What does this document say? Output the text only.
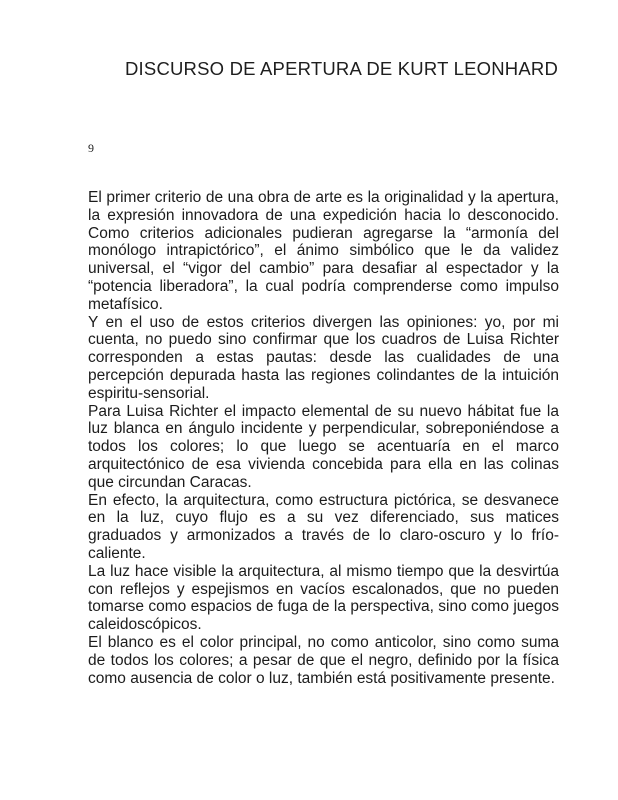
DISCURSO DE APERTURA DE KURT LEONHARD
9

El primer criterio de una obra de arte es la originalidad y la apertura, la expresión innovadora de una expedición hacia lo desconocido. Como criterios adicionales pudieran agregarse la “armonía del monólogo intrapictórico”, el ánimo simbólico que le da validez universal, el “vigor del cambio” para desafiar al espectador y la “potencia liberadora”, la cual podría comprenderse como impulso metafísico.

Y en el uso de estos criterios divergen las opiniones: yo, por mi cuenta, no puedo sino confirmar que los cuadros de Luisa Richter corresponden a estas pautas: desde las cualidades de una percepción depurada hasta las regiones colindantes de la intuición espiritu-sensorial.

Para Luisa Richter el impacto elemental de su nuevo hábitat fue la luz blanca en ángulo incidente y perpendicular, sobreponiéndose a todos los colores; lo que luego se acentuaría en el marco arquitectónico de esa vivienda concebida para ella en las colinas que circundan Caracas.

En efecto, la arquitectura, como estructura pictórica, se desvanece en la luz, cuyo flujo es a su vez diferenciado, sus matices graduados y armonizados a través de lo claro-oscuro y lo frío-caliente.

La luz hace visible la arquitectura, al mismo tiempo que la desvirtúa con reflejos y espejismos en vacíos escalonados, que no pueden tomarse como espacios de fuga de la perspectiva, sino como juegos caleidoscópicos.

El blanco es el color principal, no como anticolor, sino como suma de todos los colores; a pesar de que el negro, definido por la física como ausencia de color o luz, también está positivamente presente.
